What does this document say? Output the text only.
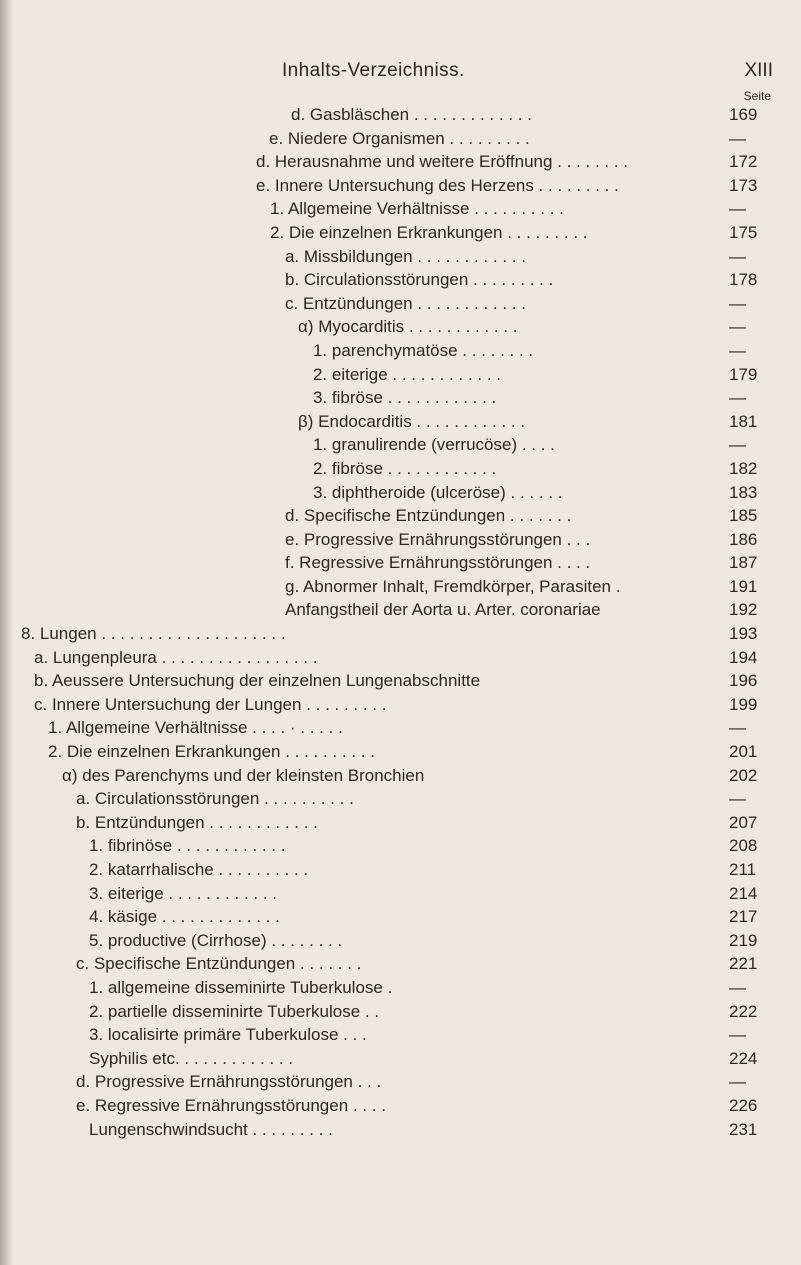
Inhalts-Verzeichniss.	XIII
Seite
d. Gasbläschen . . . . . . . . . . . . .	169
e. Niedere Organismen . . . . . . . . .	—
d. Herausnahme und weitere Eröffnung . . . . . . . .	172
e. Innere Untersuchung des Herzens . . . . . . . . .	173
1. Allgemeine Verhältnisse . . . . . . . . . .	—
2. Die einzelnen Erkrankungen . . . . . . . . .	175
a. Missbildungen . . . . . . . . . . . .	—
b. Circulationsstörungen . . . . . . . . .	178
c. Entzündungen . . . . . . . . . . . .	—
α) Myocarditis . . . . . . . . . . . .	—
1. parenchymatöse . . . . . . . .	—
2. eiterige . . . . . . . . . . . .	179
3. fibröse . . . . . . . . . . . .	—
β) Endocarditis . . . . . . . . . . . .	181
1. granulirende (verrucöse) . . . .	—
2. fibröse . . . . . . . . . . . .	182
3. diphtheroide (ulceröse) . . . . . .	183
d. Specifische Entzündungen . . . . . . .	185
e. Progressive Ernährungsstörungen . . .	186
f. Regressive Ernährungsstörungen . . . .	187
g. Abnormer Inhalt, Fremdkörper, Parasiten .	191
Anfangstheil der Aorta u. Arter. coronariae	192
8. Lungen . . . . . . . . . . . . . . . . . . . .	193
a. Lungenpleura . . . . . . . . . . . . . . . . .	194
b. Aeussere Untersuchung der einzelnen Lungenabschnitte	196
c. Innere Untersuchung der Lungen . . . . . . . . .	199
1. Allgemeine Verhältnisse . . . . · . . . . .	—
2. Die einzelnen Erkrankungen . . . . . . . . . .	201
α) des Parenchyms und der kleinsten Bronchien	202
a. Circulationsstörungen . . . . . . . . . .	—
b. Entzündungen . . . . . . . . . . . .	207
1. fibrinöse . . . . . . . . . . . .	208
2. katarrhalische . . . . . . . . . .	211
3. eiterige . . . . . . . . . . . .	214
4. käsige . . . . . . . . . . . . .	217
5. productive (Cirrhose) . . . . . . . .	219
c. Specifische Entzündungen . . . . . . .	221
1. allgemeine disseminirte Tuberkulose .	—
2. partielle disseminirte Tuberkulose . .	222
3. localisirte primäre Tuberkulose . . .	—
Syphilis etc. . . . . . . . . . . . .	224
d. Progressive Ernährungsstörungen . . .	—
e. Regressive Ernährungsstörungen . . . .	226
Lungenschwindsucht . . . . . . . . .	231
